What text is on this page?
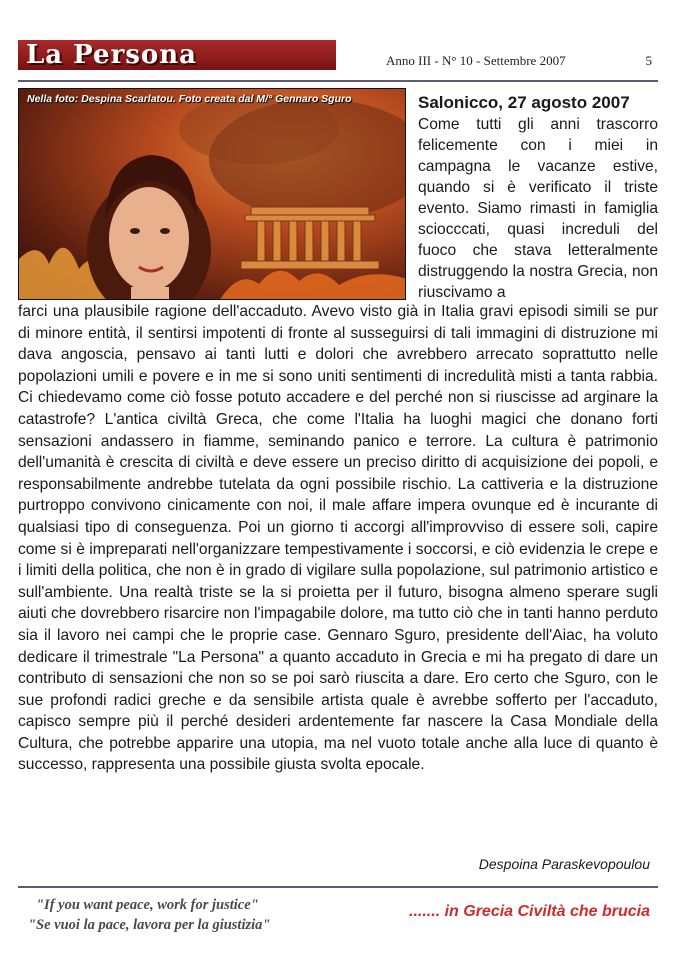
La Persona	Anno III - N° 10 - Settembre 2007	5
Nella foto: Despina Scarlatou. Foto creata dal M/° Gennaro Sguro	Salonicco, 27 agosto 2007
Come tutti gli anni trascorro felicemente con i miei in campagna le vacanze estive, quando si è verificato il triste evento. Siamo rimasti in famiglia sciocccati, quasi increduli del fuoco che stava letteralmente distruggendo la nostra Grecia, non riuscivamo a
farci una plausibile ragione dell'accaduto. Avevo visto già in Italia gravi episodi simili se pur di minore entità, il sentirsi impotenti di fronte al susseguirsi di tali immagini di distruzione mi dava angoscia, pensavo ai tanti lutti e dolori che avrebbero arrecato soprattutto nelle popolazioni umili e povere e in me si sono uniti sentimenti di incredulità misti a tanta rabbia. Ci chiedevamo come ciò fosse potuto accadere e del perché non si riuscisse ad arginare la catastrofe? L'antica civiltà Greca, che come l'Italia ha luoghi magici che donano forti sensazioni andassero in fiamme, seminando panico e terrore. La cultura è patrimonio dell'umanità è crescita di civiltà e deve essere un preciso diritto di acquisizione dei popoli, e responsabilmente andrebbe tutelata da ogni possibile rischio. La cattiveria e la distruzione purtroppo convivono cinicamente con noi, il male affare impera ovunque ed è incurante di qualsiasi tipo di conseguenza. Poi un giorno ti accorgi all'improvviso di essere soli, capire come si è impreparati nell'organizzare tempestivamente i soccorsi, e ciò evidenzia le crepe e i limiti della politica, che non è in grado di vigilare sulla popolazione, sul patrimonio artistico e sull'ambiente. Una realtà triste se la si proietta per il futuro, bisogna almeno sperare sugli aiuti che dovrebbero risarcire non l'impagabile dolore, ma tutto ciò che in tanti hanno perduto sia il lavoro nei campi che le proprie case. Gennaro Sguro, presidente dell'Aiac, ha voluto dedicare il trimestrale "La Persona" a quanto accaduto in Grecia e mi ha pregato di dare un contributo di sensazioni che non so se poi sarò riuscita a dare. Ero certo che Sguro, con le sue profondi radici greche e da sensibile artista quale è avrebbe sofferto per l'accaduto, capisco sempre più il perché desideri ardentemente far nascere la Casa Mondiale della Cultura, che potrebbe apparire una utopia, ma nel vuoto totale anche alla luce di quanto è successo, rappresenta una possibile giusta svolta epocale.
Despoina Paraskevopoulou
"If you want peace, work for justice"
"Se vuoi la pace, lavora per la giustizia"
....... in Grecia Civiltà che brucia
